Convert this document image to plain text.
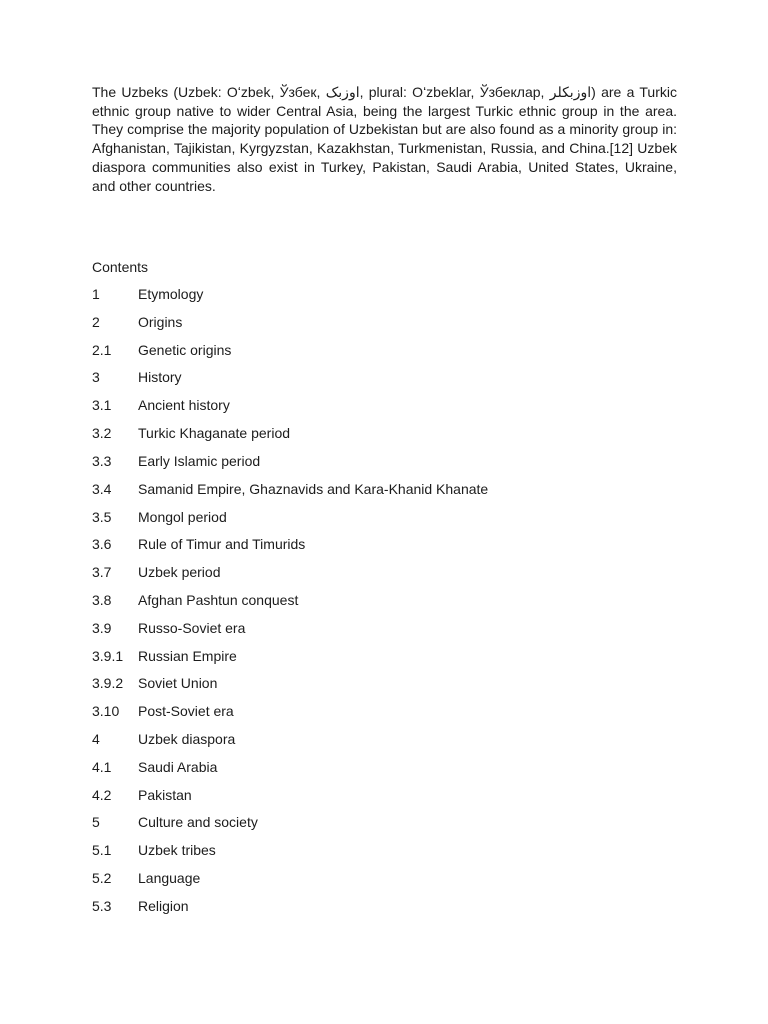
The Uzbeks (Uzbek: Oʻzbek, Ўзбек, اوزبک, plural: Oʻzbeklar, Ўзбеклар, اوزبكلر) are a Turkic ethnic group native to wider Central Asia, being the largest Turkic ethnic group in the area. They comprise the majority population of Uzbekistan but are also found as a minority group in: Afghanistan, Tajikistan, Kyrgyzstan, Kazakhstan, Turkmenistan, Russia, and China.[12] Uzbek diaspora communities also exist in Turkey, Pakistan, Saudi Arabia, United States, Ukraine, and other countries.

Contents
1	Etymology
2	Origins
2.1	Genetic origins
3	History
3.1	Ancient history
3.2	Turkic Khaganate period
3.3	Early Islamic period
3.4	Samanid Empire, Ghaznavids and Kara-Khanid Khanate
3.5	Mongol period
3.6	Rule of Timur and Timurids
3.7	Uzbek period
3.8	Afghan Pashtun conquest
3.9	Russo-Soviet era
3.9.1	Russian Empire
3.9.2	Soviet Union
3.10	Post-Soviet era
4	Uzbek diaspora
4.1	Saudi Arabia
4.2	Pakistan
5	Culture and society
5.1	Uzbek tribes
5.2	Language
5.3	Religion
